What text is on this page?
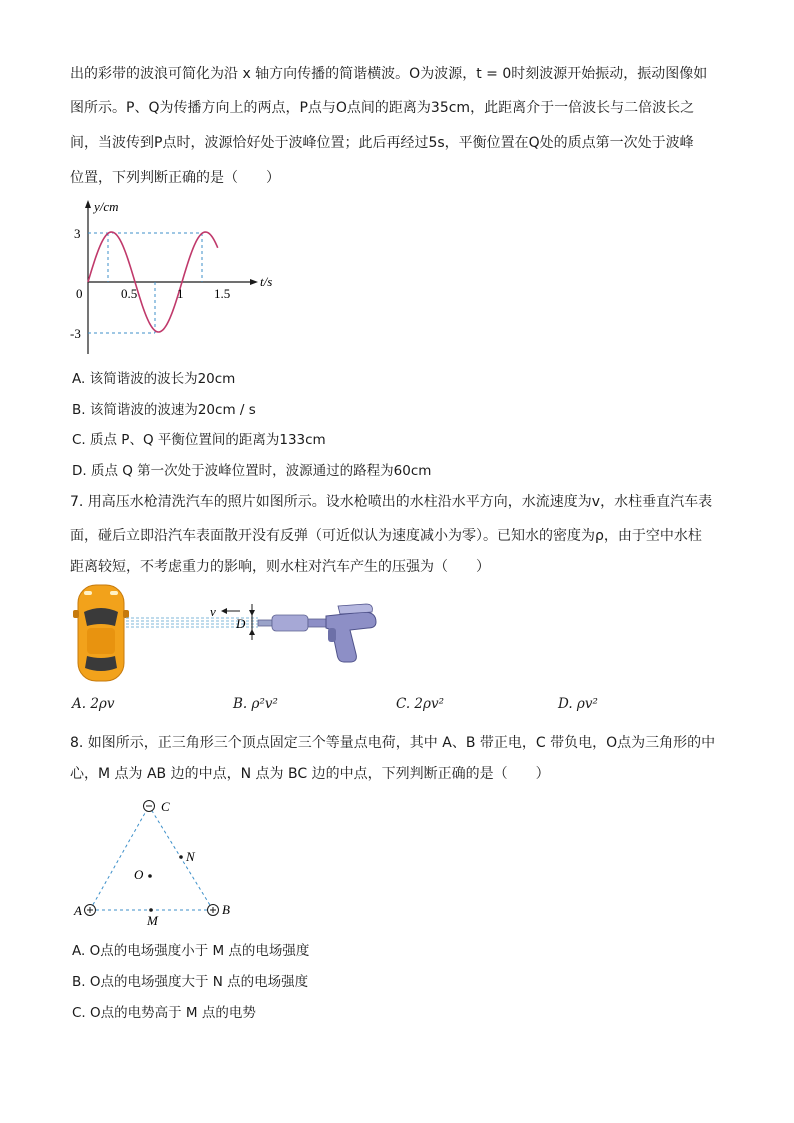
出的彩带的波浪可简化为沿 x 轴方向传播的简谐横波。O为波源，t = 0时刻波源开始振动，振动图像如
图所示。P、Q为传播方向上的两点，P点与O点间的距离为35cm，此距离介于一倍波长与二倍波长之
间，当波传到P点时，波源恰好处于波峰位置；此后再经过5s，平衡位置在Q处的质点第一次处于波峰
位置，下列判断正确的是（　　）
y/cm
t/s
3
-3
0	0.5	1 1.5
A. 该简谐波的波长为20cm
B. 该简谐波的波速为20cm / s
C. 质点 P、Q 平衡位置间的距离为133cm
D. 质点 Q 第一次处于波峰位置时，波源通过的路程为60cm
7. 用高压水枪清洗汽车的照片如图所示。设水枪喷出的水柱沿水平方向，水流速度为v，水柱垂直汽车表
面，碰后立即沿汽车表面散开没有反弹（可近似认为速度减小为零）。已知水的密度为ρ，由于空中水柱
距离较短，不考虑重力的影响，则水柱对汽车产生的压强为（　　）
v
D
A. 2ρv	B. ρ²v²	C. 2ρv²	D. ρv²
8. 如图所示，正三角形三个顶点固定三个等量点电荷，其中 A、B 带正电，C 带负电，O点为三角形的中
心，M 点为 AB 边的中点，N 点为 BC 边的中点，下列判断正确的是（　　）
C
A	B
O
M
N
A. O点的电场强度小于 M 点的电场强度
B. O点的电场强度大于 N 点的电场强度
C. O点的电势高于 M 点的电势
